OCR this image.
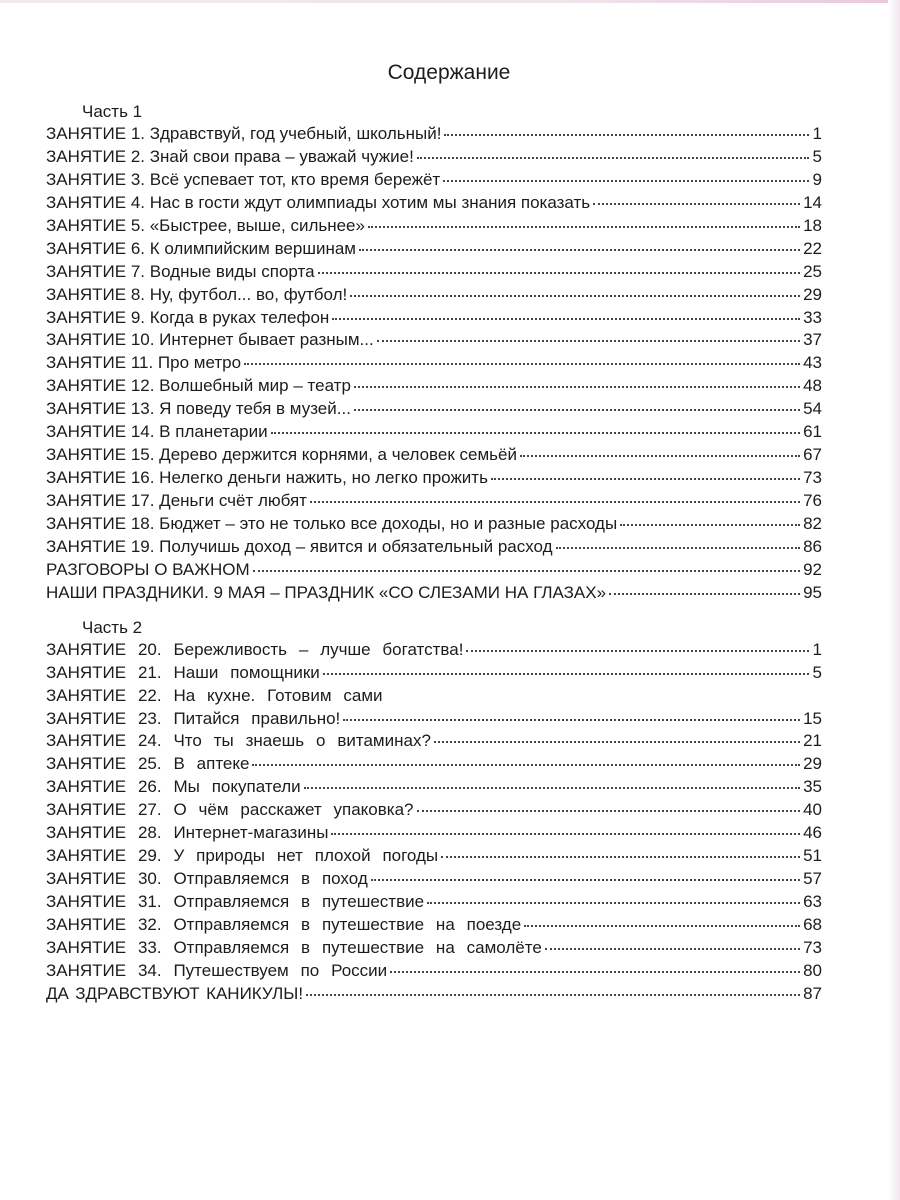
Содержание
Часть 1
ЗАНЯТИЕ 1. Здравствуй, год учебный, школьный!	1
ЗАНЯТИЕ 2. Знай свои права – уважай чужие!	5
ЗАНЯТИЕ 3. Всё успевает тот, кто время бережёт	9
ЗАНЯТИЕ 4. Нас в гости ждут олимпиады хотим мы знания показать	14
ЗАНЯТИЕ 5. «Быстрее, выше, сильнее»	18
ЗАНЯТИЕ 6. К олимпийским вершинам	22
ЗАНЯТИЕ 7. Водные виды спорта	25
ЗАНЯТИЕ 8. Ну, футбол... во, футбол!	29
ЗАНЯТИЕ 9. Когда в руках телефон	33
ЗАНЯТИЕ 10. Интернет бывает разным...	37
ЗАНЯТИЕ 11. Про метро	43
ЗАНЯТИЕ 12. Волшебный мир – театр	48
ЗАНЯТИЕ 13. Я поведу тебя в музей...	54
ЗАНЯТИЕ 14. В планетарии	61
ЗАНЯТИЕ 15. Дерево держится корнями, а человек семьёй	67
ЗАНЯТИЕ 16. Нелегко деньги нажить, но легко прожить	73
ЗАНЯТИЕ 17. Деньги счёт любят	76
ЗАНЯТИЕ 18. Бюджет – это не только все доходы, но и разные расходы	82
ЗАНЯТИЕ 19. Получишь доход – явится и обязательный расход	86
РАЗГОВОРЫ О ВАЖНОМ	92
НАШИ ПРАЗДНИКИ. 9 МАЯ – ПРАЗДНИК «СО СЛЕЗАМИ НА ГЛАЗАХ»	95
Часть 2
ЗАНЯТИЕ 20. Бережливость – лучше богатства!	1
ЗАНЯТИЕ 21. Наши помощники	5
ЗАНЯТИЕ 22. На кухне. Готовим сами
ЗАНЯТИЕ 23. Питайся правильно!	15
ЗАНЯТИЕ 24. Что ты знаешь о витаминах?	21
ЗАНЯТИЕ 25. В аптеке	29
ЗАНЯТИЕ 26. Мы покупатели	35
ЗАНЯТИЕ 27. О чём расскажет упаковка?	40
ЗАНЯТИЕ 28. Интернет-магазины	46
ЗАНЯТИЕ 29. У природы нет плохой погоды	51
ЗАНЯТИЕ 30. Отправляемся в поход	57
ЗАНЯТИЕ 31. Отправляемся в путешествие	63
ЗАНЯТИЕ 32. Отправляемся в путешествие на поезде	68
ЗАНЯТИЕ 33. Отправляемся в путешествие на самолёте	73
ЗАНЯТИЕ 34. Путешествуем по России	80
ДА ЗДРАВСТВУЮТ КАНИКУЛЫ!	87
